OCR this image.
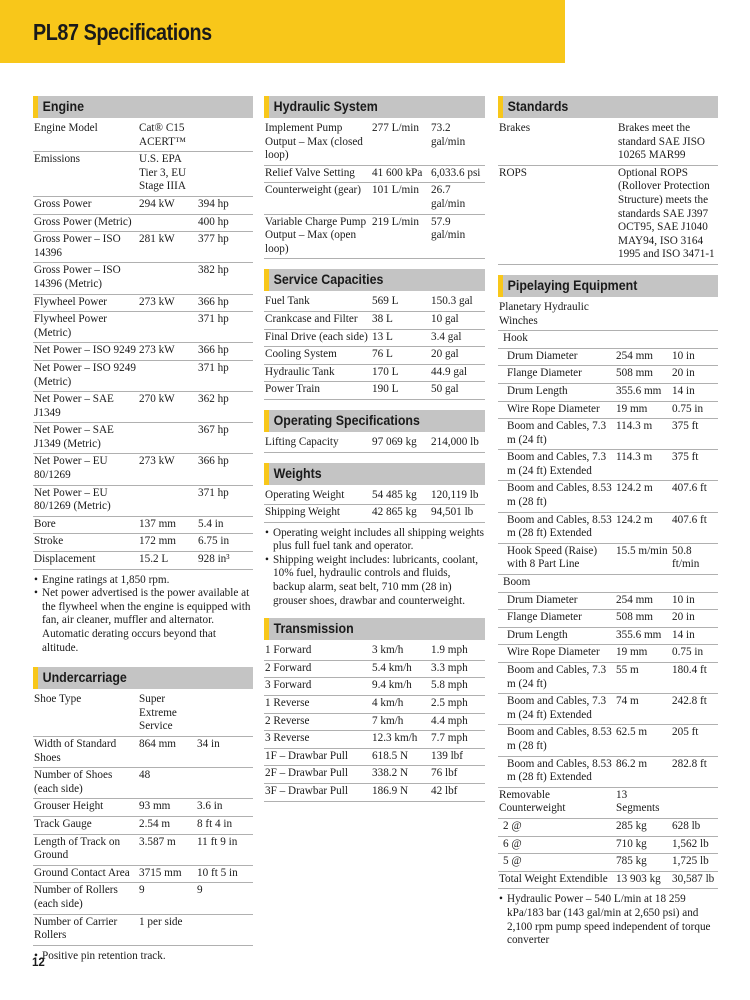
PL87 Specifications
Engine
Engine Model	Cat® C15 ACERT™	
Emissions	U.S. EPA Tier 3, EU Stage IIIA	
Gross Power	294 kW	394 hp
Gross Power (Metric)		400 hp
Gross Power – ISO 14396	281 kW	377 hp
Gross Power – ISO 14396 (Metric)		382 hp
Flywheel Power	273 kW	366 hp
Flywheel Power (Metric)		371 hp
Net Power – ISO 9249	273 kW	366 hp
Net Power – ISO 9249 (Metric)		371 hp
Net Power – SAE J1349	270 kW	362 hp
Net Power – SAE J1349 (Metric)		367 hp
Net Power – EU 80/1269	273 kW	366 hp
Net Power – EU 80/1269 (Metric)		371 hp
Bore	137 mm	5.4 in
Stroke	172 mm	6.75 in
Displacement	15.2 L	928 in³
• Engine ratings at 1,850 rpm.
• Net power advertised is the power available at the flywheel when the engine is equipped with fan, air cleaner, muffler and alternator. Automatic derating occurs beyond that altitude.
Undercarriage
Shoe Type	Super Extreme Service	
Width of Standard Shoes	864 mm	34 in
Number of Shoes (each side)	48	
Grouser Height	93 mm	3.6 in
Track Gauge	2.54 m	8 ft 4 in
Length of Track on Ground	3.587 m	11 ft 9 in
Ground Contact Area	3715 mm	10 ft 5 in
Number of Rollers (each side)	9	9
Number of Carrier Rollers	1 per side	
• Positive pin retention track.
Hydraulic System
Implement Pump Output – Max (closed loop)	277 L/min	73.2 gal/min
Relief Valve Setting	41 600 kPa	6,033.6 psi
Counterweight (gear)	101 L/min	26.7 gal/min
Variable Charge Pump Output – Max (open loop)	219 L/min	57.9 gal/min
Service Capacities
Fuel Tank	569 L	150.3 gal
Crankcase and Filter	38 L	10 gal
Final Drive (each side)	13 L	3.4 gal
Cooling System	76 L	20 gal
Hydraulic Tank	170 L	44.9 gal
Power Train	190 L	50 gal
Operating Specifications
Lifting Capacity	97 069 kg	214,000 lb
Weights
Operating Weight	54 485 kg	120,119 lb
Shipping Weight	42 865 kg	94,501 lb
• Operating weight includes all shipping weights plus full fuel tank and operator.
• Shipping weight includes: lubricants, coolant, 10% fuel, hydraulic controls and fluids, backup alarm, seat belt, 710 mm (28 in) grouser shoes, drawbar and counterweight.
Transmission
1 Forward	3 km/h	1.9 mph
2 Forward	5.4 km/h	3.3 mph
3 Forward	9.4 km/h	5.8 mph
1 Reverse	4 km/h	2.5 mph
2 Reverse	7 km/h	4.4 mph
3 Reverse	12.3 km/h	7.7 mph
1F – Drawbar Pull	618.5 N	139 lbf
2F – Drawbar Pull	338.2 N	76 lbf
3F – Drawbar Pull	186.9 N	42 lbf
Standards
Brakes	Brakes meet the standard SAE JISO 10265 MAR99
ROPS	Optional ROPS (Rollover Protection Structure) meets the standards SAE J397 OCT95, SAE J1040 MAY94, ISO 3164 1995 and ISO 3471-1
Pipelaying Equipment
Planetary Hydraulic Winches		
Hook		
Drum Diameter	254 mm	10 in
Flange Diameter	508 mm	20 in
Drum Length	355.6 mm	14 in
Wire Rope Diameter	19 mm	0.75 in
Boom and Cables, 7.3 m (24 ft)	114.3 m	375 ft
Boom and Cables, 7.3 m (24 ft) Extended	114.3 m	375 ft
Boom and Cables, 8.53 m (28 ft)	124.2 m	407.6 ft
Boom and Cables, 8.53 m (28 ft) Extended	124.2 m	407.6 ft
Hook Speed (Raise) with 8 Part Line	15.5 m/min	50.8 ft/min
Boom		
Drum Diameter	254 mm	10 in
Flange Diameter	508 mm	20 in
Drum Length	355.6 mm	14 in
Wire Rope Diameter	19 mm	0.75 in
Boom and Cables, 7.3 m (24 ft)	55 m	180.4 ft
Boom and Cables, 7.3 m (24 ft) Extended	74 m	242.8 ft
Boom and Cables, 8.53 m (28 ft)	62.5 m	205 ft
Boom and Cables, 8.53 m (28 ft) Extended	86.2 m	282.8 ft
Removable Counterweight	13 Segments	
2 @	285 kg	628 lb
6 @	710 kg	1,562 lb
5 @	785 kg	1,725 lb
Total Weight Extendible	13 903 kg	30,587 lb
• Hydraulic Power – 540 L/min at 18 259 kPa/183 bar (143 gal/min at 2,650 psi) and 2,100 rpm pump speed independent of torque converter
12
